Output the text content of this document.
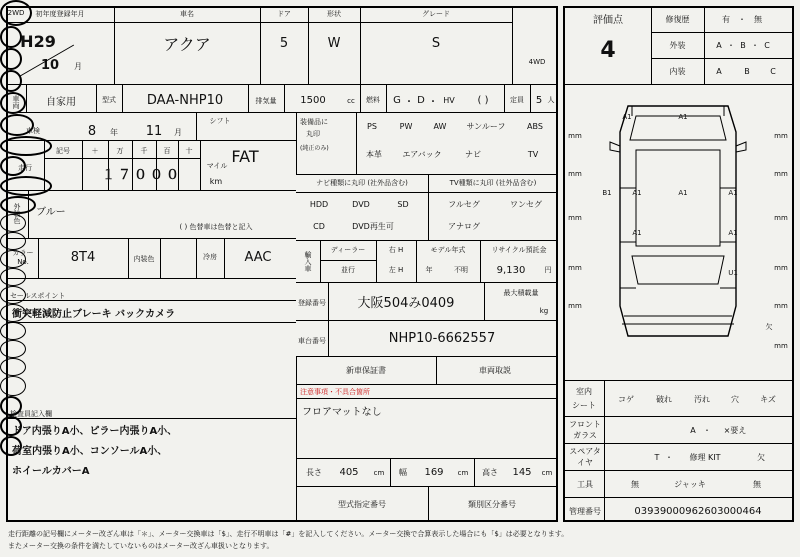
初年度登録年月
H29
10 月
車名
アクア
ドア
5
形状
W
グレード
S
2WD
4WD
評価点
4
修復歴	有 ・ 無
外装	A ・ B ・ C
内装	A	B	C
車両	自家用	型式 DAA-NHP10	排気量 1500	cc 燃料 G ・ D ・ HV ( )	定員 5 人
車検	8 年 11 月
シフト
FAT
装備品に
丸印
(純正のみ)
PS	PW	AW	サンルーフ	ABS
本革	エアバック	ナビ	TV
走行
記号	＋	万 千 百 十
１７０００
マイル
km	ナビ種類に丸印 (社外品含む)	TV種類に丸印 (社外品含む)
HDD	DVD	SD
CD	DVD再生可
フルセグ	ワンセグ
アナログ
外装色 ブルー
( ) 色替車は色替と記入
カラー No.	8T4	内装色	冷房 AAC	輸入車
ディーラー
並行
右 H
左 H
モデル年式
年	不明
リサイクル預託金
9,130	円
セールスポイント
衝突軽減防止ブレーキ バックカメラ
登録番号 大阪504み0409
最大積載量
kg
車台番号	NHP10-6662557
新車保証書	車両取説
注意事項・不具合箇所
フロアマットなし
検査員記入欄
ドア内張りA小、ピラー内張りA小、
荷室内張りA小、コンソールA小、
ホイールカバーA	長さ 405 cm 幅 169 cm 高さ 145 cm
型式指定番号	類別区分番号
mm
mm
mm
mm
mm
mm
mm
mm
mm
mm
mm
A1	A1
B1	A1	A1	A1
A1	A1
U1
欠
室内
シート
コゲ	破れ	汚れ	穴	キズ
フロントガラス
A ・ ×要え
スペアタイヤ
T ・ 修理 KIT	欠
工具	無	ジャッキ	無
管理番号	03939000962603000464
走行距離の記号欄にメーター改ざん車は「＊」、メーター交換車は「$」、走行不明車は「#」を記入してください。メーター交換で合算表示した場合にも「$」は必要となります。
またメーター交換の条件を満たしていないものはメーター改ざん車扱いとなります。
